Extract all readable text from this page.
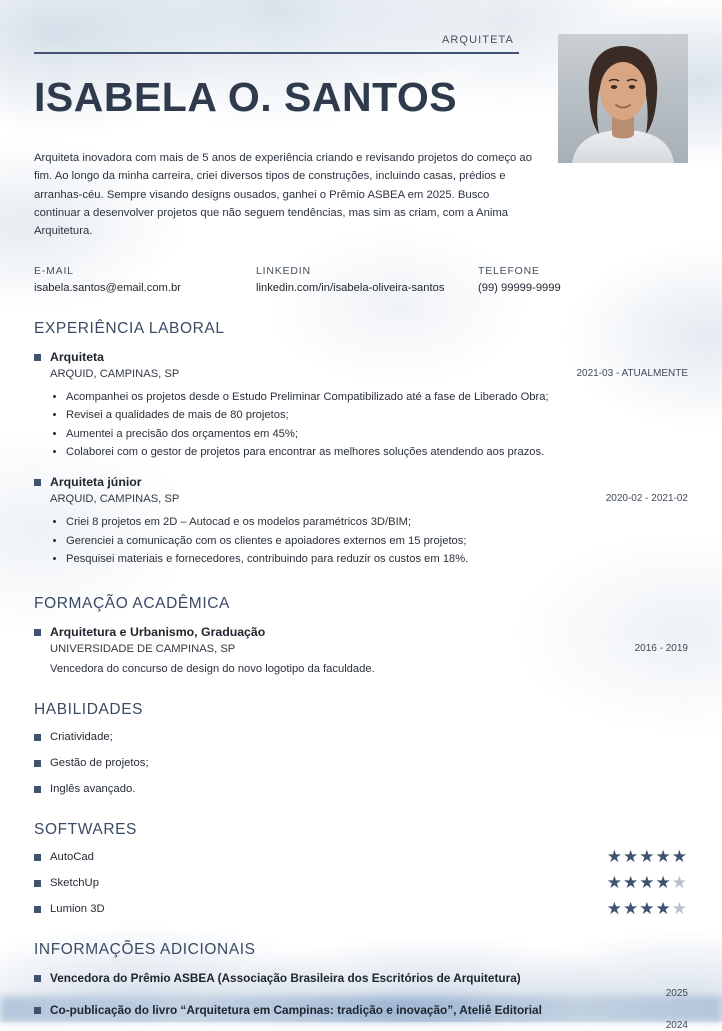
ARQUITETA
ISABELA O. SANTOS
Arquiteta inovadora com mais de 5 anos de experiência criando e revisando projetos do começo ao fim. Ao longo da minha carreira, criei diversos tipos de construções, incluindo casas, prédios e arranhas-céu. Sempre visando designs ousados, ganhei o Prêmio ASBEA em 2025. Busco continuar a desenvolver projetos que não seguem tendências, mas sim as criam, com a Anima Arquitetura.
E-MAIL
isabela.santos@email.com.br
LINKEDIN
linkedin.com/in/isabela-oliveira-santos
TELEFONE
(99) 99999-9999
EXPERIÊNCIA LABORAL
Arquiteta
2021-03 - ATUALMENTE
ARQUID, CAMPINAS, SP
• Acompanhei os projetos desde o Estudo Preliminar Compatibilizado até a fase de Liberado Obra;
• Revisei a qualidades de mais de 80 projetos;
• Aumentei a precisão dos orçamentos em 45%;
• Colaborei com o gestor de projetos para encontrar as melhores soluções atendendo aos prazos.
Arquiteta júnior
2020-02 - 2021-02
ARQUID, CAMPINAS, SP
• Criei 8 projetos em 2D – Autocad e os modelos paramétricos 3D/BIM;
• Gerenciei a comunicação com os clientes e apoiadores externos em 15 projetos;
• Pesquisei materiais e fornecedores, contribuindo para reduzir os custos em 18%.
FORMAÇÃO ACADÊMICA
Arquitetura e Urbanismo, Graduação
2016 - 2019
UNIVERSIDADE DE CAMPINAS, SP
Vencedora do concurso de design do novo logotipo da faculdade.
HABILIDADES
Criatividade;
Gestão de projetos;
Inglês avançado.
SOFTWARES
AutoCad	★★★★★
SketchUp	★★★★★
Lumion 3D	★★★★★
INFORMAÇÕES ADICIONAIS
Vencedora do Prêmio ASBEA (Associação Brasileira dos Escritórios de Arquitetura)
2025
Co-publicação do livro “Arquitetura em Campinas: tradição e inovação”, Ateliê Editorial
2024
